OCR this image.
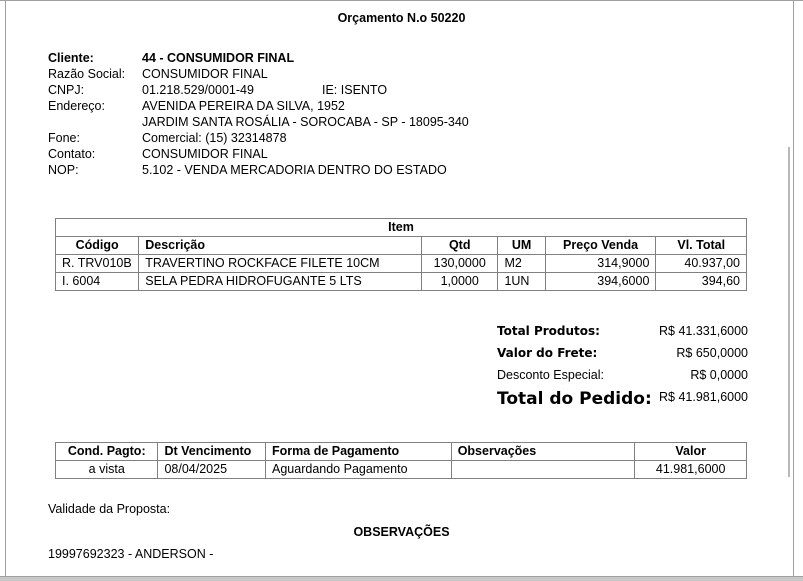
Orçamento N.o 50220
Cliente:	44 - CONSUMIDOR FINAL
Razão Social: CONSUMIDOR FINAL
CNPJ:	01.218.529/0001-49	IE: ISENTO
Endereço:	AVENIDA PEREIRA DA SILVA, 1952
JARDIM SANTA ROSÁLIA - SOROCABA - SP - 18095-340
Fone:	Comercial: (15) 32314878
Contato:	CONSUMIDOR FINAL
NOP:	5.102 - VENDA MERCADORIA DENTRO DO ESTADO
Item					
Código	Descrição	Qtd	UM	Preço Venda	Vl. Total
R. TRV010B	TRAVERTINO ROCKFACE FILETE 10CM	130,0000	M2	314,9000	40.937,00
I. 6004	SELA PEDRA HIDROFUGANTE 5 LTS	1,0000	1UN	394,6000	394,60
Total Produtos:	R$ 41.331,6000
Valor do Frete:	R$ 650,0000
Desconto Especial:	R$ 0,0000
Total do Pedido: R$ 41.981,6000
Cond. Pagto:	Dt Vencimento	Forma de Pagamento	Observações	Valor
a vista	08/04/2025	Aguardando Pagamento		41.981,6000
Validade da Proposta:
OBSERVAÇÕES
19997692323 - ANDERSON -
